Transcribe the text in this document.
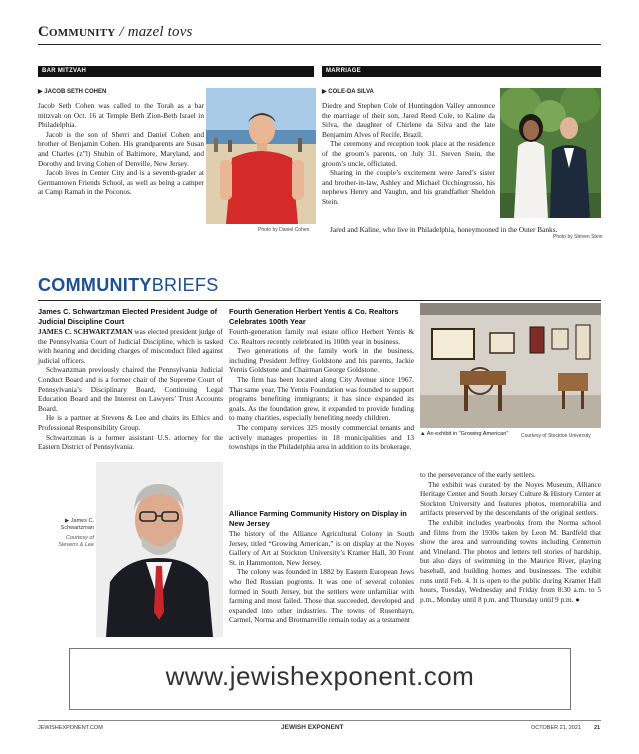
Community / mazel tovs
BAR MITZVAH
▶ JACOB SETH COHEN

Jacob Seth Cohen was called to the Torah as a bar mitzvah on Oct. 16 at Temple Beth Zion-Beth Israel in Philadelphia.

Jacob is the son of Sherri and Daniel Cohen and brother of Benjamin Cohen. His grandparents are Susan and Charles (z”l) Shubin of Baltimore, Maryland, and Dorothy and Irving Cohen of Denville, New Jersey.

Jacob lives in Center City and is a seventh-grader at Germantown Friends School, as well as being a camper at Camp Ramah in the Poconos.

Photo by Daniel Cohen
MARRIAGE
▶ COLE-DA SILVA

Diedre and Stephen Cole of Huntingdon Valley announce the marriage of their son, Jared Reed Cole, to Kaline da Silva, the daughter of Chirlene da Silva and the late Benjamim Alves of Recife, Brazil.

The ceremony and reception took place at the residence of the groom’s parents, on July 31. Steven Stein, the groom’s uncle, officiated.

Sharing in the couple’s excitement were Jared’s sister and brother-in-law, Ashley and Michael Occhiogrosso, his nephews Henry and Vaughn, and his grandfather Sheldon Stein.

Jared and Kaline, who live in Philadelphia, honeymooned in the Outer Banks.

Photo by Steven Stein
COMMUNITYBRIEFS
James C. Schwartzman Elected President Judge of Judicial Discipline Court

JAMES C. SCHWARTZMAN was elected president judge of the Pennsylvania Court of Judicial Discipline, which is tasked with hearing and deciding charges of misconduct filed against judicial officers.

Schwartzman previously chaired the Pennsylvania Judicial Conduct Board and is a former chair of the Supreme Court of Pennsylvania’s Disciplinary Board, Continuing Legal Education Board and the Interest on Lawyers’ Trust Accounts Board.

He is a partner at Stevens & Lee and chairs its Ethics and Professional Responsibility Group.

Schwartzman is a former assistant U.S. attorney for the Eastern District of Pennsylvania.

▶ James C. Schwartzman
Courtesy of
Stevens & Lee
Fourth Generation Herbert Yentis & Co. Realtors Celebrates 100th Year

Fourth-generation family real estate office Herbert Yentis & Co. Realtors recently celebrated its 100th year in business.

Two generations of the family work in the business, including President Jeffrey Goldstone and his parents, Jackie Yentis Goldstone and Chairman George Goldstone.

The firm has been located along City Avenue since 1967. That same year, The Yentis Foundation was founded to support programs benefiting immigrants; it has since expanded its goals. As the foundation grew, it expanded to provide funding to many charities, especially benefiting needy children.

The company services 325 mostly commercial tenants and actively manages properties in 18 municipalities and 13 townships in the Philadelphia area in addition to its brokerage.

Alliance Farming Community History on Display in New Jersey

The history of the Alliance Agricultural Colony in South Jersey, titled “Growing American,” is on display at the Noyes Gallery of Art at Stockton University’s Kramer Hall, 30 Front St. in Hammonton, New Jersey.

The colony was founded in 1882 by Eastern European Jews who fled Russian pogroms. It was one of several colonies formed in South Jersey, but the settlers were unfamiliar with farming and most failed. Those that succeeded, developed and expanded into other industries. The towns of Rosenhayn, Carmel, Norma and Brotmanville remain today as a testament

▲ An exhibit in “Growing American”	Courtesy of Stockton University

to the perseverance of the early settlers.

The exhibit was curated by the Noyes Museum, Alliance Heritage Center and South Jersey Culture & History Center at Stockton University and features photos, memorabilia and artifacts preserved by the descendants of the original settlers.

The exhibit includes yearbooks from the Norma school and films from the 1930s taken by Leon M. Bardfeld that show the area and surrounding towns including Centerton and Vineland. The photos and letters tell stories of hardship, but also days of swimming in the Maurice River, playing baseball, and building homes and businesses. The exhibit runs until Feb. 4. It is open to the public during Kramer Hall hours, Tuesday, Wednesday and Friday from 8:30 a.m. to 5 p.m., Monday until 8 p.m. and Thursday until 9 p.m. ●

www.jewishexponent.com
JEWISHEXPONENT.COM	JEWISH EXPONENT	OCTOBER 21, 2021 21
